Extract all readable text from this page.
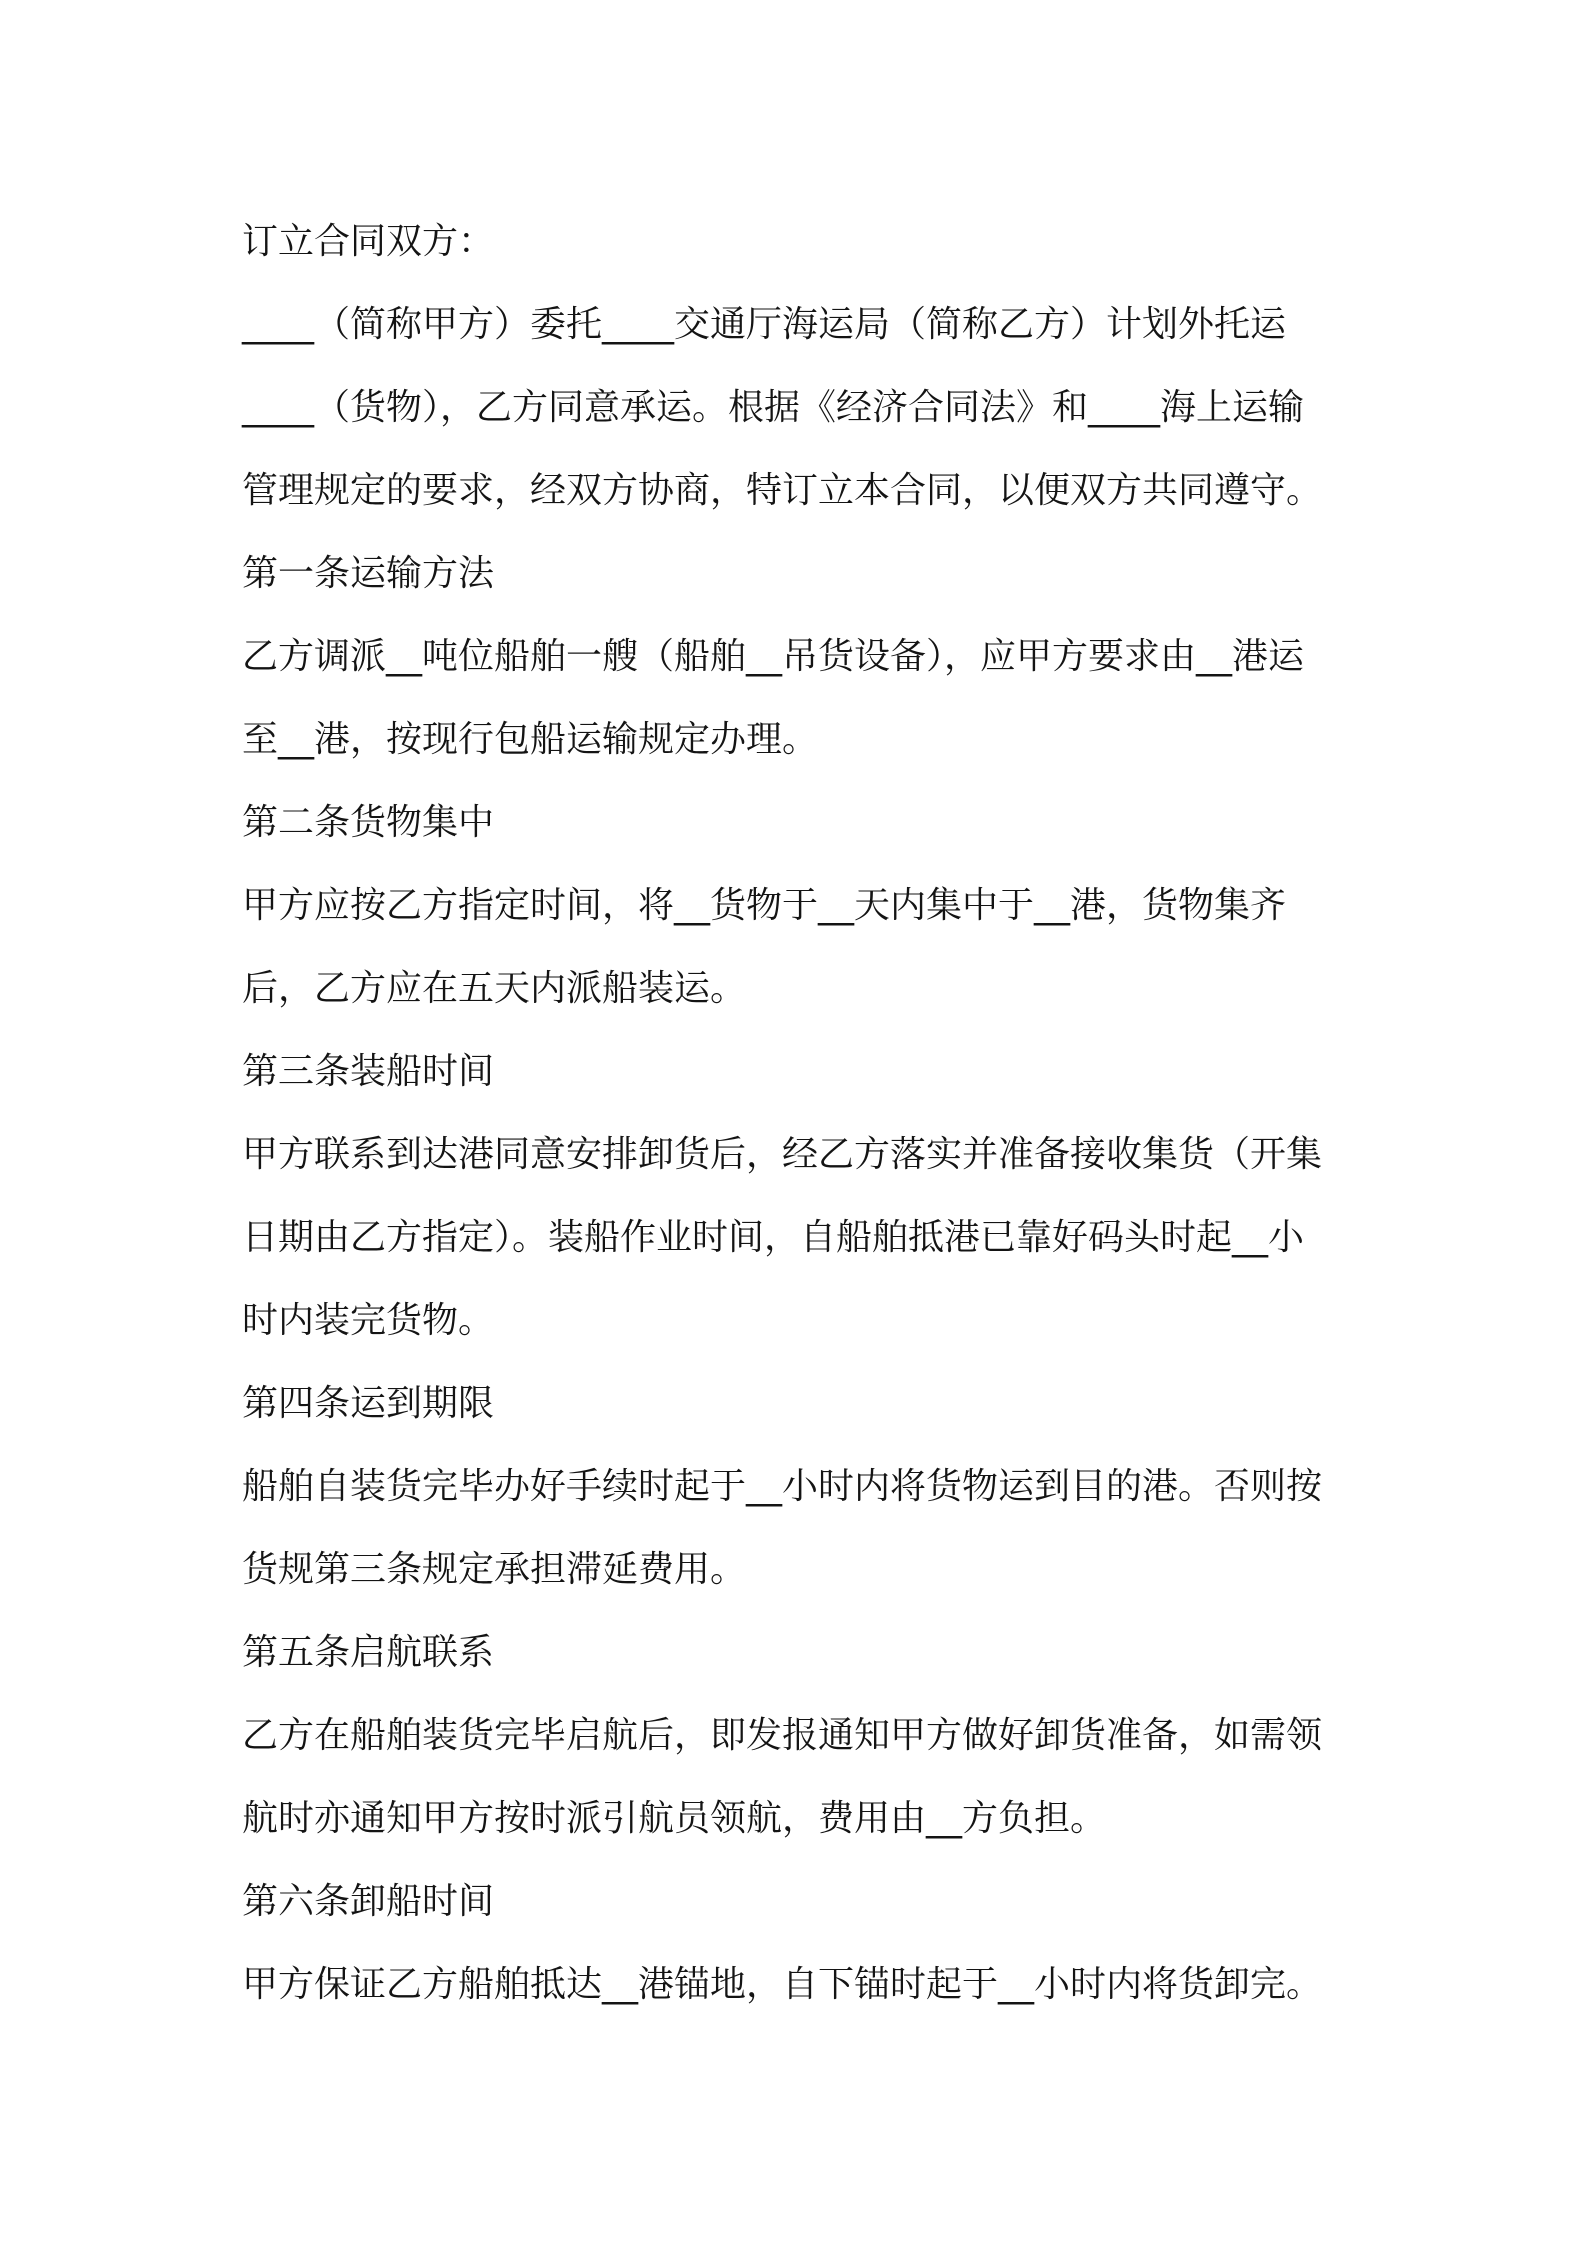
订立合同双方：

____（简称甲方）委托____交通厅海运局（简称乙方）计划外托运

____（货物），乙方同意承运。根据《经济合同法》和____海上运输

管理规定的要求，经双方协商，特订立本合同，以便双方共同遵守。

第一条运输方法

乙方调派__吨位船舶一艘（船舶__吊货设备），应甲方要求由__港运

至__港，按现行包船运输规定办理。

第二条货物集中

甲方应按乙方指定时间，将__货物于__天内集中于__港，货物集齐

后，乙方应在五天内派船装运。

第三条装船时间

甲方联系到达港同意安排卸货后，经乙方落实并准备接收集货（开集

日期由乙方指定）。装船作业时间，自船舶抵港已靠好码头时起__小

时内装完货物。

第四条运到期限

船舶自装货完毕办好手续时起于__小时内将货物运到目的港。否则按

货规第三条规定承担滞延费用。

第五条启航联系

乙方在船舶装货完毕启航后，即发报通知甲方做好卸货准备，如需领

航时亦通知甲方按时派引航员领航，费用由__方负担。

第六条卸船时间

甲方保证乙方船舶抵达__港锚地，自下锚时起于__小时内将货卸完。
